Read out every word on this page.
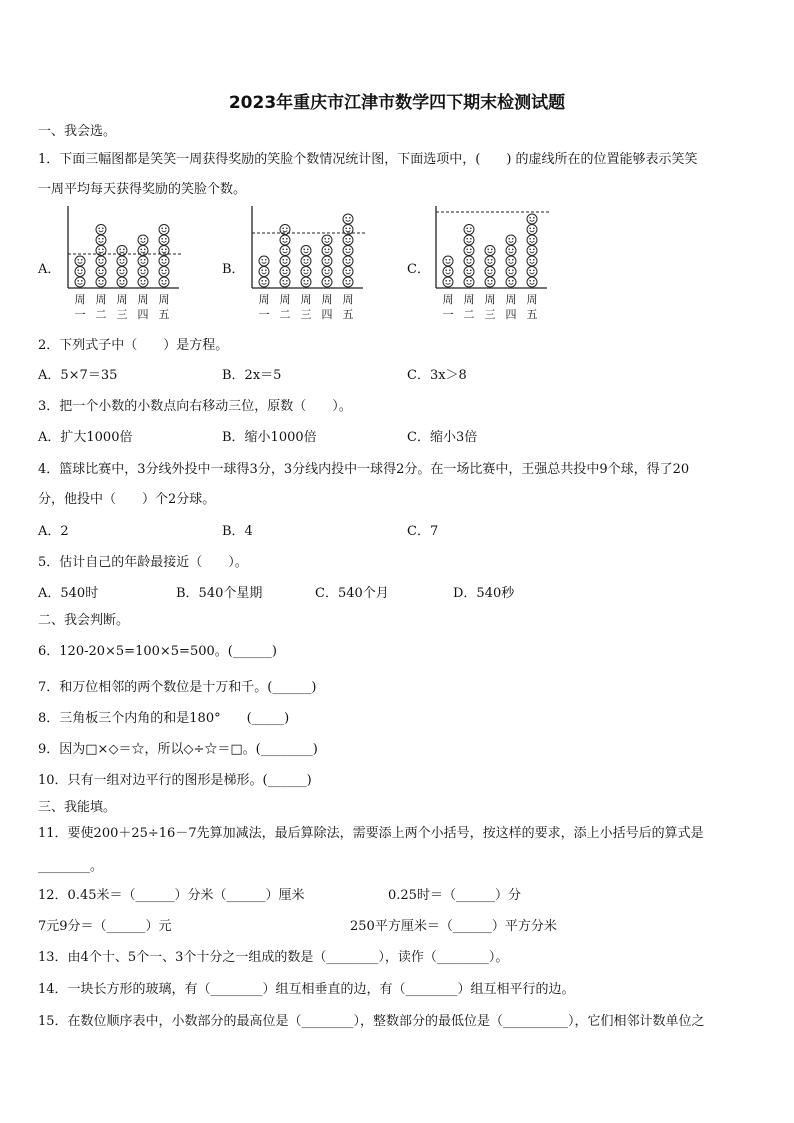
2023年重庆市江津市数学四下期末检测试题
一、我会选。
1．下面三幅图都是笑笑一周获得奖励的笑脸个数情况统计图，下面选项中，(　　) 的虚线所在的位置能够表示笑笑
一周平均每天获得奖励的笑脸个数。
A．
周
一
周
二
周
三
周
四
周
五
B．
周
一
周
二
周
三
周
四
周
五
C．
周
一
周
二
周
三
周
四
周
五
2．下列式子中（　　）是方程。
A．5×7＝35	B．2x＝5	C．3x＞8
3．把一个小数的小数点向右移动三位，原数（　　）。
A．扩大1000倍	B．缩小1000倍	C．缩小3倍
4．篮球比赛中，3分线外投中一球得3分，3分线内投中一球得2分。在一场比赛中，王强总共投中9个球，得了20
分，他投中（　　）个2分球。
A．2	B．4	C．7
5．估计自己的年龄最接近（　　）。
A．540时	B．540个星期	C．540个月	D．540秒
二、我会判断。
6．120-20×5=100×5=500。(______)
7．和万位相邻的两个数位是十万和千。(______)
8．三角板三个内角的和是180°　　(_____)
9．因为□×◇＝☆，所以◇÷☆＝□。(________)
10．只有一组对边平行的图形是梯形。(______)
三、我能填。
11．要使200＋25÷16－7先算加减法，最后算除法，需要添上两个小括号，按这样的要求，添上小括号后的算式是
________。
12．0.45米＝（______）分米（______）厘米	0.25时＝（______）分
7元9分＝（______）元	250平方厘米＝（______）平方分米
13．由4个十、5个一、3个十分之一组成的数是（________），读作（________）。
14．一块长方形的玻璃，有（________）组互相垂直的边，有（________）组互相平行的边。
15．在数位顺序表中，小数部分的最高位是（________），整数部分的最低位是（__________），它们相邻计数单位之
